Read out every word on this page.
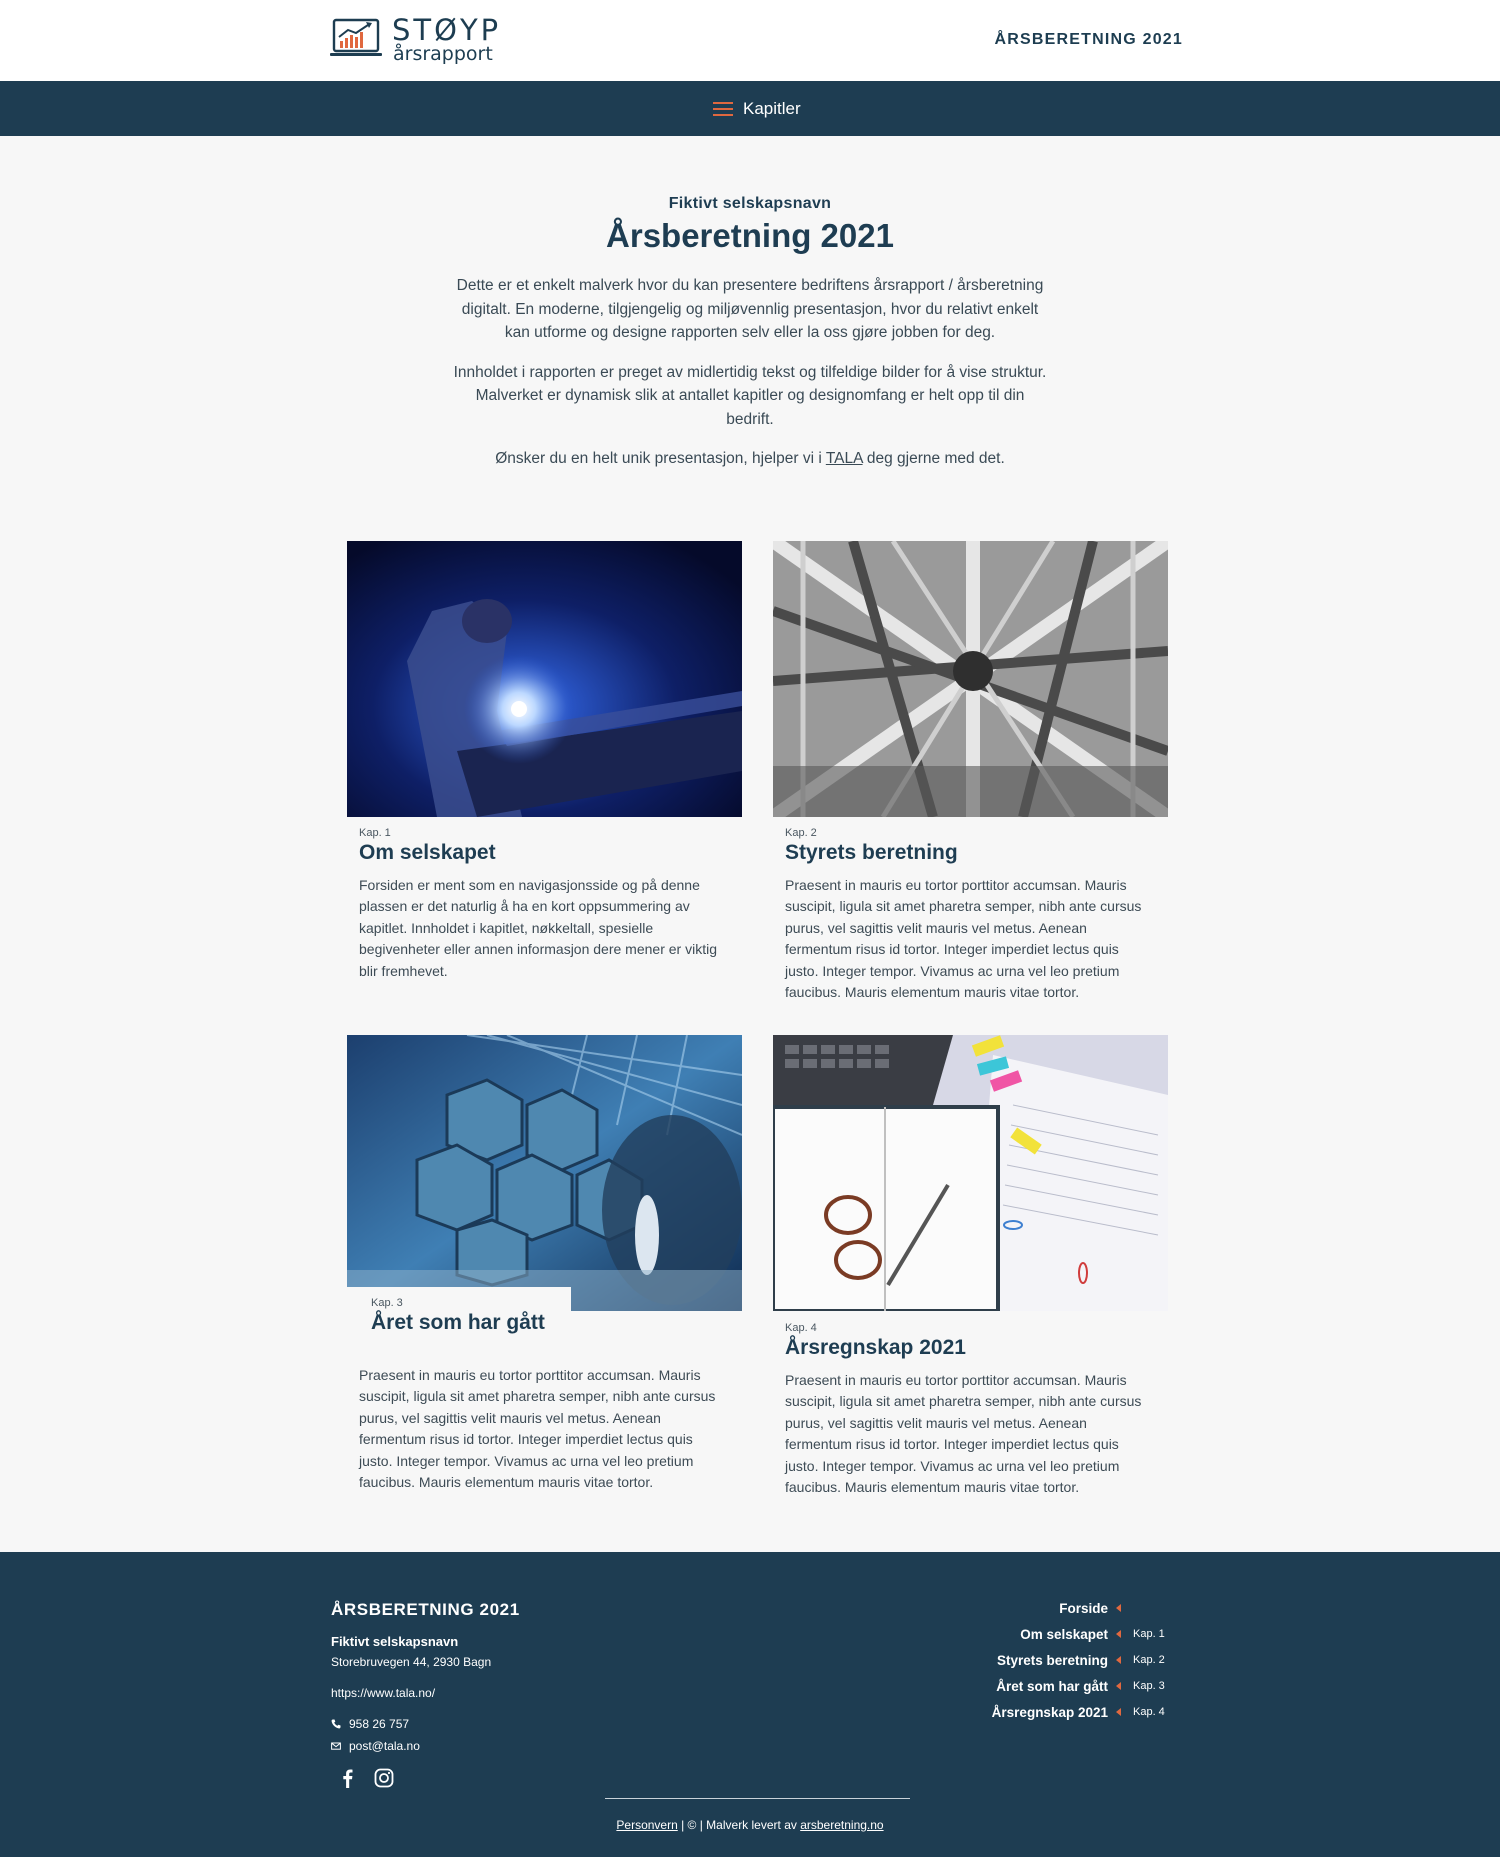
STØYP
årsrapport
ÅRSBERETNING 2021
Kapitler
Fiktivt selskapsnavn
Årsberetning 2021

Dette er et enkelt malverk hvor du kan presentere bedriftens årsrapport / årsberetning digitalt. En moderne, tilgjengelig og miljøvennlig presentasjon, hvor du relativt enkelt kan utforme og designe rapporten selv eller la oss gjøre jobben for deg.

Innholdet i rapporten er preget av midlertidig tekst og tilfeldige bilder for å vise struktur. Malverket er dynamisk slik at antallet kapitler og designomfang er helt opp til din bedrift.

Ønsker du en helt unik presentasjon, hjelper vi i TALA deg gjerne med det.

Kap. 1
Om selskapet

Forsiden er ment som en navigasjonsside og på denne plassen er det naturlig å ha en kort oppsummering av kapitlet. Innholdet i kapitlet, nøkkeltall, spesielle begivenheter eller annen informasjon dere mener er viktig blir fremhevet.

Kap. 2
Styrets beretning

Praesent in mauris eu tortor porttitor accumsan. Mauris suscipit, ligula sit amet pharetra semper, nibh ante cursus purus, vel sagittis velit mauris vel metus. Aenean fermentum risus id tortor. Integer imperdiet lectus quis justo. Integer tempor. Vivamus ac urna vel leo pretium faucibus. Mauris elementum mauris vitae tortor.

Kap. 3
Året som har gått

Praesent in mauris eu tortor porttitor accumsan. Mauris suscipit, ligula sit amet pharetra semper, nibh ante cursus purus, vel sagittis velit mauris vel metus. Aenean fermentum risus id tortor. Integer imperdiet lectus quis justo. Integer tempor. Vivamus ac urna vel leo pretium faucibus. Mauris elementum mauris vitae tortor.

Kap. 4
Årsregnskap 2021

Praesent in mauris eu tortor porttitor accumsan. Mauris suscipit, ligula sit amet pharetra semper, nibh ante cursus purus, vel sagittis velit mauris vel metus. Aenean fermentum risus id tortor. Integer imperdiet lectus quis justo. Integer tempor. Vivamus ac urna vel leo pretium faucibus. Mauris elementum mauris vitae tortor.

ÅRSBERETNING 2021
Fiktivt selskapsnavn
Storebruvegen 44, 2930 Bagn
https://www.tala.no/
958 26 757
post@tala.no
Forside
Om selskapet Kap. 1
Styrets beretning Kap. 2
Året som har gått Kap. 3
Årsregnskap 2021 Kap. 4
Personvern | © | Malverk levert av arsberetning.no
